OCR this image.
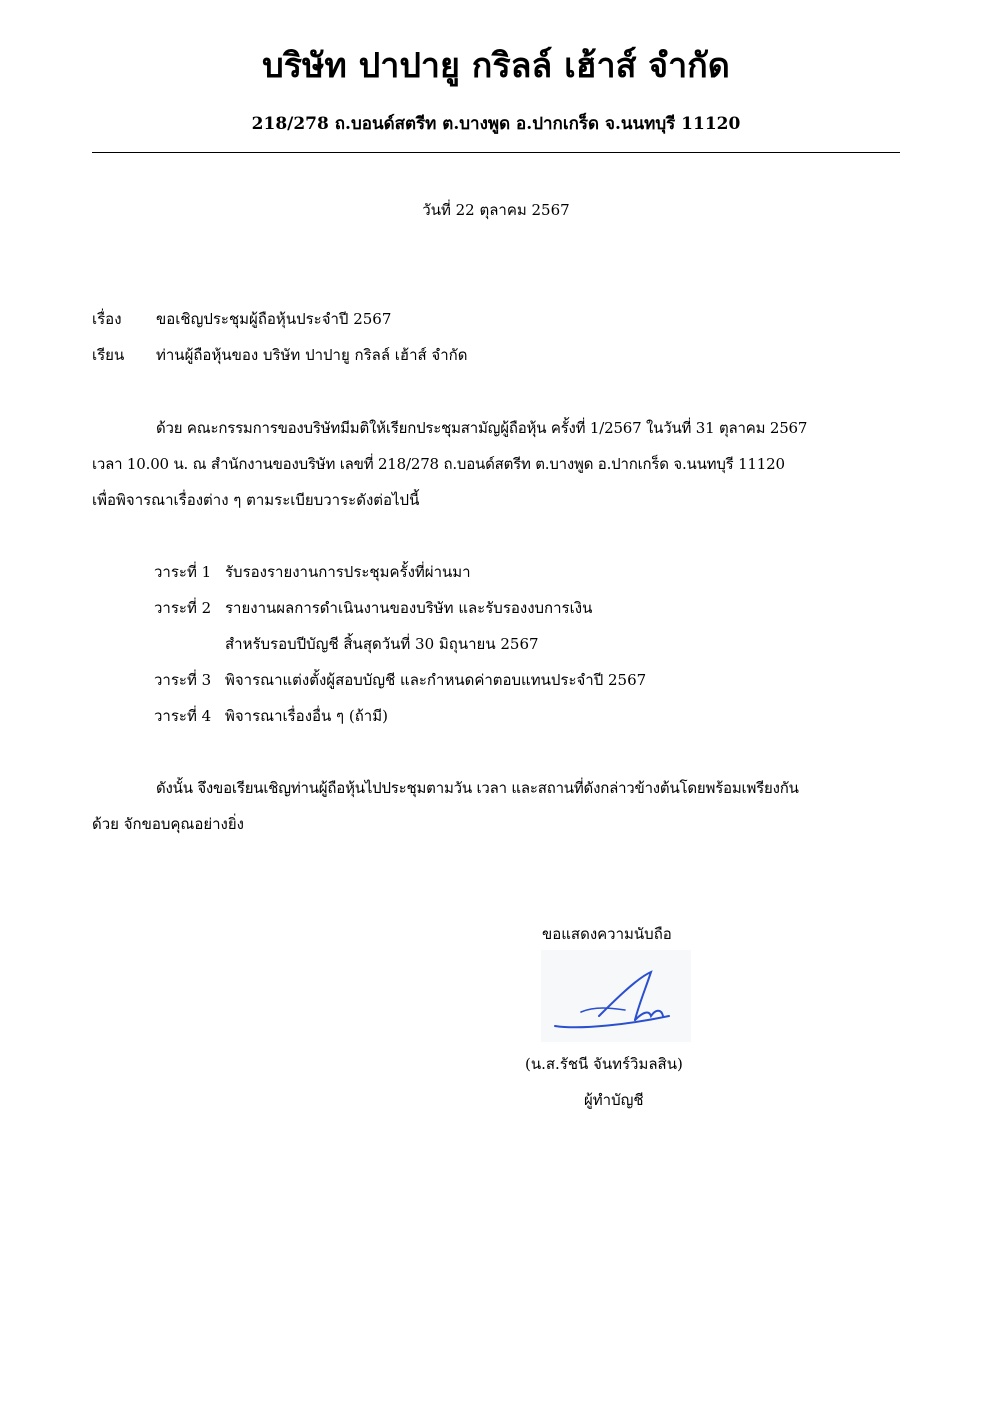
บริษัท ปาปายู กริลล์ เฮ้าส์ จำกัด
218/278 ถ.บอนด์สตรีท ต.บางพูด อ.ปากเกร็ด จ.นนทบุรี 11120
วันที่ 22 ตุลาคม 2567
เรื่อง ขอเชิญประชุมผู้ถือหุ้นประจำปี 2567
เรียน ท่านผู้ถือหุ้นของ บริษัท ปาปายู กริลล์ เฮ้าส์ จำกัด
ด้วย คณะกรรมการของบริษัทมีมติให้เรียกประชุมสามัญผู้ถือหุ้น ครั้งที่ 1/2567 ในวันที่ 31 ตุลาคม 2567
เวลา 10.00 น. ณ สำนักงานของบริษัท เลขที่ 218/278 ถ.บอนด์สตรีท ต.บางพูด อ.ปากเกร็ด จ.นนทบุรี 11120
เพื่อพิจารณาเรื่องต่าง ๆ ตามระเบียบวาระดังต่อไปนี้
วาระที่ 1 รับรองรายงานการประชุมครั้งที่ผ่านมา
วาระที่ 2 รายงานผลการดำเนินงานของบริษัท และรับรองงบการเงิน
สำหรับรอบปีบัญชี สิ้นสุดวันที่ 30 มิถุนายน 2567
วาระที่ 3 พิจารณาแต่งตั้งผู้สอบบัญชี และกำหนดค่าตอบแทนประจำปี 2567
วาระที่ 4 พิจารณาเรื่องอื่น ๆ (ถ้ามี)
ดังนั้น จึงขอเรียนเชิญท่านผู้ถือหุ้นไปประชุมตามวัน เวลา และสถานที่ดังกล่าวข้างต้นโดยพร้อมเพรียงกัน
ด้วย จักขอบคุณอย่างยิ่ง
ขอแสดงความนับถือ
(น.ส.รัชนี จันทร์วิมลสิน)
ผู้ทำบัญชี
